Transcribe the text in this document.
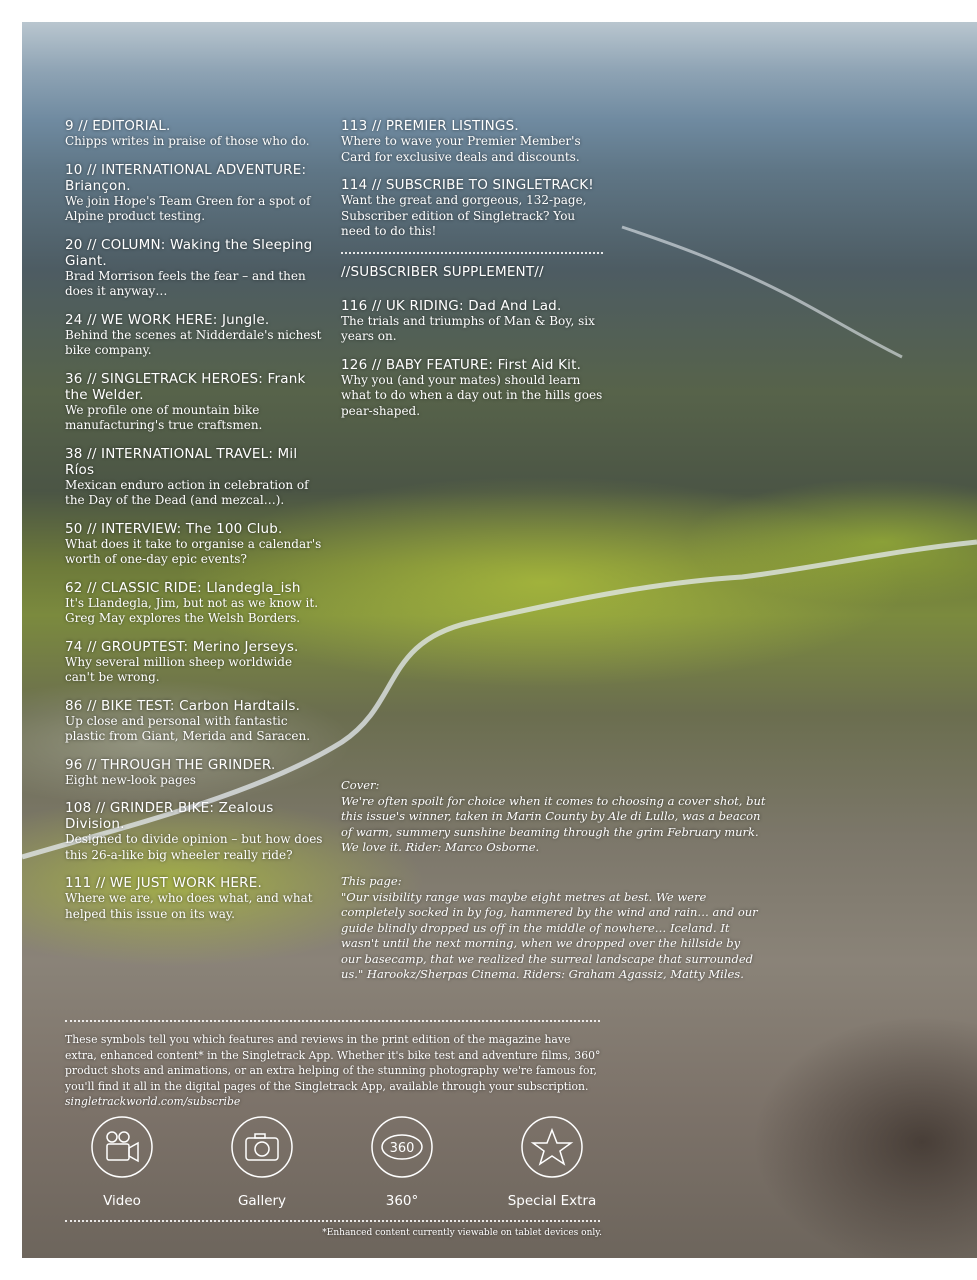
9 // EDITORIAL.
Chipps writes in praise of those who do.
10 // INTERNATIONAL ADVENTURE: Briançon.
We join Hope's Team Green for a spot of Alpine product testing.
20 // COLUMN: Waking the Sleeping Giant.
Brad Morrison feels the fear – and then does it anyway…
24 // WE WORK HERE: Jungle.
Behind the scenes at Nidderdale's nichest bike company.
36 // SINGLETRACK HEROES: Frank the Welder.
We profile one of mountain bike manufacturing's true craftsmen.
38 // INTERNATIONAL TRAVEL: Mil Ríos
Mexican enduro action in celebration of the Day of the Dead (and mezcal…).
50 // INTERVIEW: The 100 Club.
What does it take to organise a calendar's worth of one-day epic events?
62 // CLASSIC RIDE: Llandegla_ish
It's Llandegla, Jim, but not as we know it. Greg May explores the Welsh Borders.
74 // GROUPTEST: Merino Jerseys.
Why several million sheep worldwide can't be wrong.
86 // BIKE TEST: Carbon Hardtails.
Up close and personal with fantastic plastic from Giant, Merida and Saracen.
96 // THROUGH THE GRINDER.
Eight new-look pages
108 // GRINDER BIKE: Zealous Division.
Designed to divide opinion – but how does this 26-a-like big wheeler really ride?
111 // WE JUST WORK HERE.
Where we are, who does what, and what helped this issue on its way.
113 // PREMIER LISTINGS.
Where to wave your Premier Member's Card for exclusive deals and discounts.
114 // SUBSCRIBE TO SINGLETRACK!
Want the great and gorgeous, 132-page, Subscriber edition of Singletrack? You need to do this!
//SUBSCRIBER SUPPLEMENT//
116 // UK RIDING: Dad And Lad.
The trials and triumphs of Man & Boy, six years on.
126 // BABY FEATURE: First Aid Kit.
Why you (and your mates) should learn what to do when a day out in the hills goes pear-shaped.
Cover:
We're often spoilt for choice when it comes to choosing a cover shot, but this issue's winner, taken in Marin County by Ale di Lullo, was a beacon of warm, summery sunshine beaming through the grim February murk. We love it. Rider: Marco Osborne.
This page:
"Our visibility range was maybe eight metres at best. We were completely socked in by fog, hammered by the wind and rain… and our guide blindly dropped us off in the middle of nowhere… Iceland. It wasn't until the next morning, when we dropped over the hillside by our basecamp, that we realized the surreal landscape that surrounded us." Harookz/Sherpas Cinema. Riders: Graham Agassiz, Matty Miles.
These symbols tell you which features and reviews in the print edition of the magazine have extra, enhanced content* in the Singletrack App. Whether it's bike test and adventure films, 360° product shots and animations, or an extra helping of the stunning photography we're famous for, you'll find it all in the digital pages of the Singletrack App, available through your subscription. singletrackworld.com/subscribe
Video	Gallery
360
360°	Special Extra
*Enhanced content currently viewable on tablet devices only.
